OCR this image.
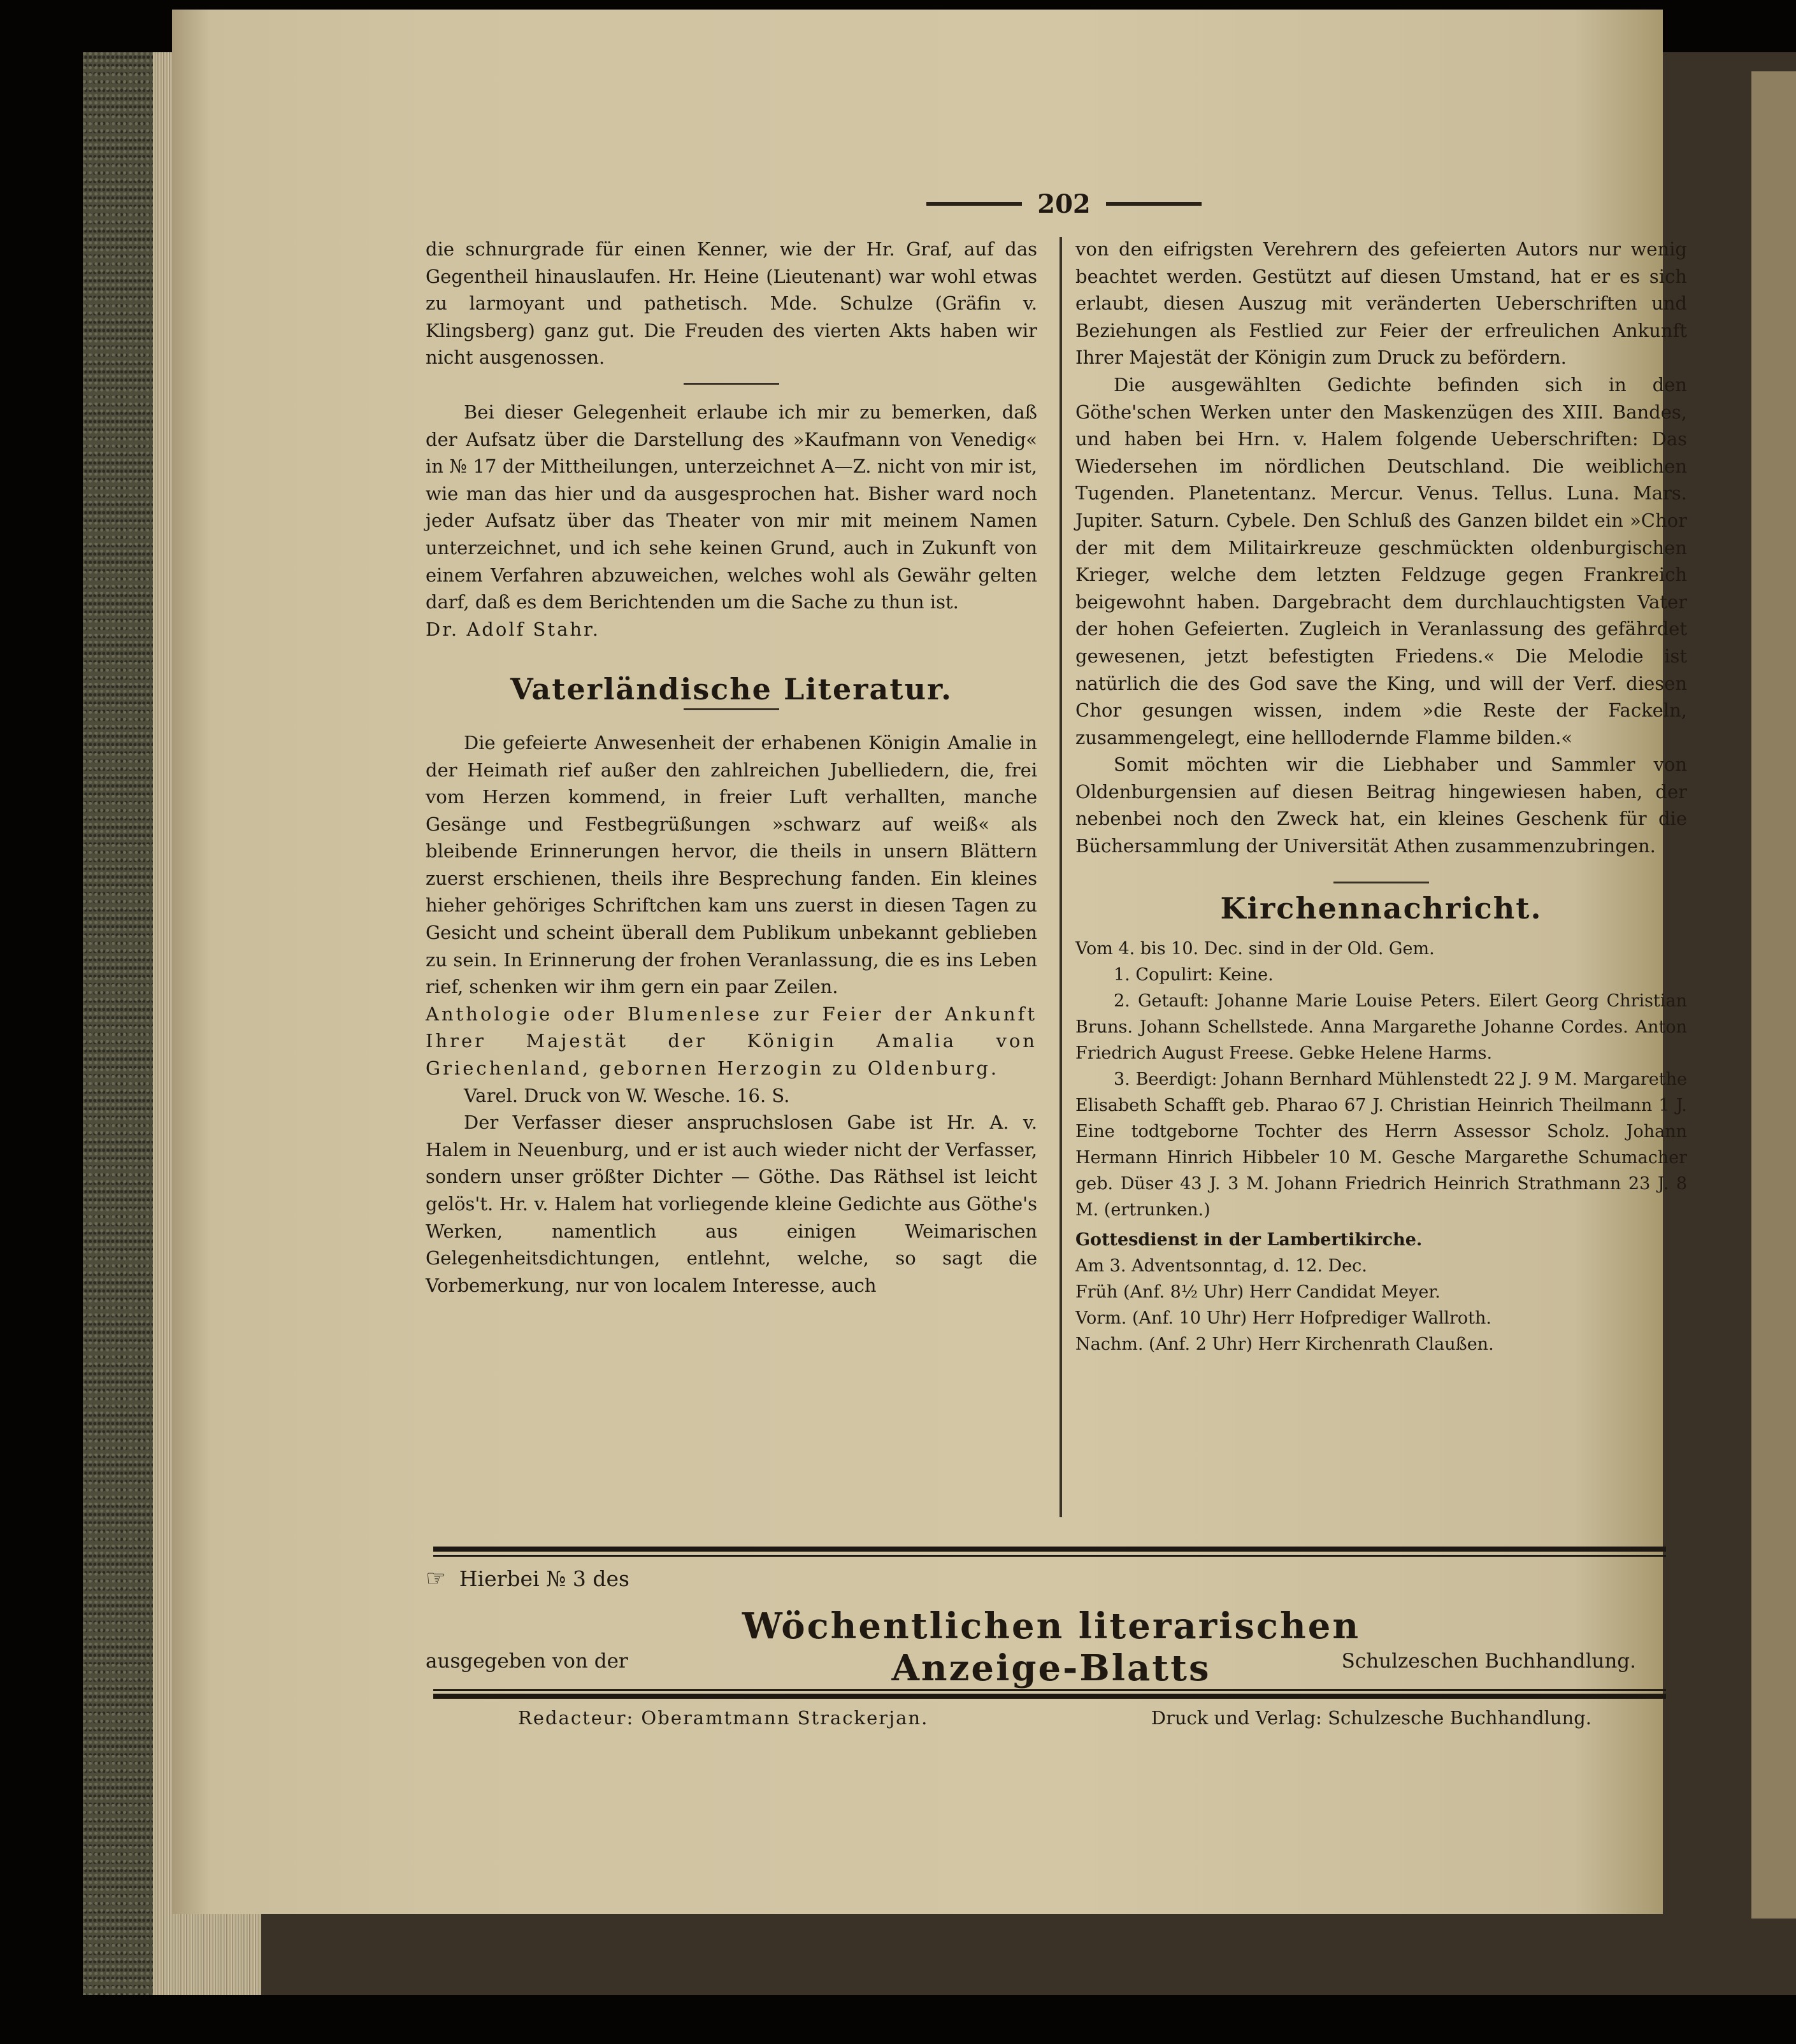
202

die schnurgrade für einen Kenner, wie der Hr. Graf, auf das Gegentheil hinauslaufen. Hr. Heine (Lieutenant) war wohl etwas zu larmoyant und pathetisch. Mde. Schulze (Gräfin v. Klingsberg) ganz gut. Die Freuden des vierten Akts haben wir nicht ausgenossen.

Bei dieser Gelegenheit erlaube ich mir zu bemerken, daß der Aufsatz über die Darstellung des »Kaufmann von Venedig« in № 17 der Mittheilungen, unterzeichnet A—Z. nicht von mir ist, wie man das hier und da ausgesprochen hat. Bisher ward noch jeder Aufsatz über das Theater von mir mit meinem Namen unterzeichnet, und ich sehe keinen Grund, auch in Zukunft von einem Verfahren abzuweichen, welches wohl als Gewähr gelten darf, daß es dem Berichtenden um die Sache zu thun ist.

Dr. Adolf Stahr.

Vaterländische Literatur.

Die gefeierte Anwesenheit der erhabenen Königin Amalie in der Heimath rief außer den zahlreichen Jubelliedern, die, frei vom Herzen kommend, in freier Luft verhallten, manche Gesänge und Festbegrüßungen »schwarz auf weiß« als bleibende Erinnerungen hervor, die theils in unsern Blättern zuerst erschienen, theils ihre Besprechung fanden. Ein kleines hieher gehöriges Schriftchen kam uns zuerst in diesen Tagen zu Gesicht und scheint überall dem Publikum unbekannt geblieben zu sein. In Erinnerung der frohen Veranlassung, die es ins Leben rief, schenken wir ihm gern ein paar Zeilen.

Anthologie oder Blumenlese zur Feier der Ankunft Ihrer Majestät der Königin Amalia von Griechenland, gebornen Herzogin zu Oldenburg.

Varel. Druck von W. Wesche. 16. S.

Der Verfasser dieser anspruchslosen Gabe ist Hr. A. v. Halem in Neuenburg, und er ist auch wieder nicht der Verfasser, sondern unser größter Dichter — Göthe. Das Räthsel ist leicht gelös't. Hr. v. Halem hat vorliegende kleine Gedichte aus Göthe's Werken, namentlich aus einigen Weimarischen Gelegenheitsdichtungen, entlehnt, welche, so sagt die Vorbemerkung, nur von localem Interesse, auch

von den eifrigsten Verehrern des gefeierten Autors nur wenig beachtet werden. Gestützt auf diesen Umstand, hat er es sich erlaubt, diesen Auszug mit veränderten Ueberschriften und Beziehungen als Festlied zur Feier der erfreulichen Ankunft Ihrer Majestät der Königin zum Druck zu befördern.

Die ausgewählten Gedichte befinden sich in den Göthe'schen Werken unter den Maskenzügen des XIII. Bandes, und haben bei Hrn. v. Halem folgende Ueberschriften: Das Wiedersehen im nördlichen Deutschland. Die weiblichen Tugenden. Planetentanz. Mercur. Venus. Tellus. Luna. Mars. Jupiter. Saturn. Cybele. Den Schluß des Ganzen bildet ein »Chor der mit dem Militairkreuze geschmückten oldenburgischen Krieger, welche dem letzten Feldzuge gegen Frankreich beigewohnt haben. Dargebracht dem durchlauchtigsten Vater der hohen Gefeierten. Zugleich in Veranlassung des gefährdet gewesenen, jetzt befestigten Friedens.« Die Melodie ist natürlich die des God save the King, und will der Verf. diesen Chor gesungen wissen, indem »die Reste der Fackeln, zusammengelegt, eine helllodernde Flamme bilden.«

Somit möchten wir die Liebhaber und Sammler von Oldenburgensien auf diesen Beitrag hingewiesen haben, der nebenbei noch den Zweck hat, ein kleines Geschenk für die Büchersammlung der Universität Athen zusammenzubringen.

Kirchennachricht.

Vom 4. bis 10. Dec. sind in der Old. Gem.

1. Copulirt: Keine.

2. Getauft: Johanne Marie Louise Peters. Eilert Georg Christian Bruns. Johann Schellstede. Anna Margarethe Johanne Cordes. Anton Friedrich August Freese. Gebke Helene Harms.

3. Beerdigt: Johann Bernhard Mühlenstedt 22 J. 9 M. Margarethe Elisabeth Schafft geb. Pharao 67 J. Christian Heinrich Theilmann 1 J. Eine todtgeborne Tochter des Herrn Assessor Scholz. Johann Hermann Hinrich Hibbeler 10 M. Gesche Margarethe Schumacher geb. Düser 43 J. 3 M. Johann Friedrich Heinrich Strathmann 23 J. 8 M. (ertrunken.)

Gottesdienst in der Lambertikirche.

Am 3. Adventsonntag, d. 12. Dec.

Früh (Anf. 8½ Uhr) Herr Candidat Meyer.

Vorm. (Anf. 10 Uhr) Herr Hofprediger Wallroth.

Nachm. (Anf. 2 Uhr) Herr Kirchenrath Claußen.

☞ Hierbei № 3 des
Wöchentlichen literarischen Anzeige-Blatts
ausgegeben von der	Schulzeschen Buchhandlung.
Redacteur: Oberamtmann Strackerjan.	Druck und Verlag: Schulzesche Buchhandlung.
